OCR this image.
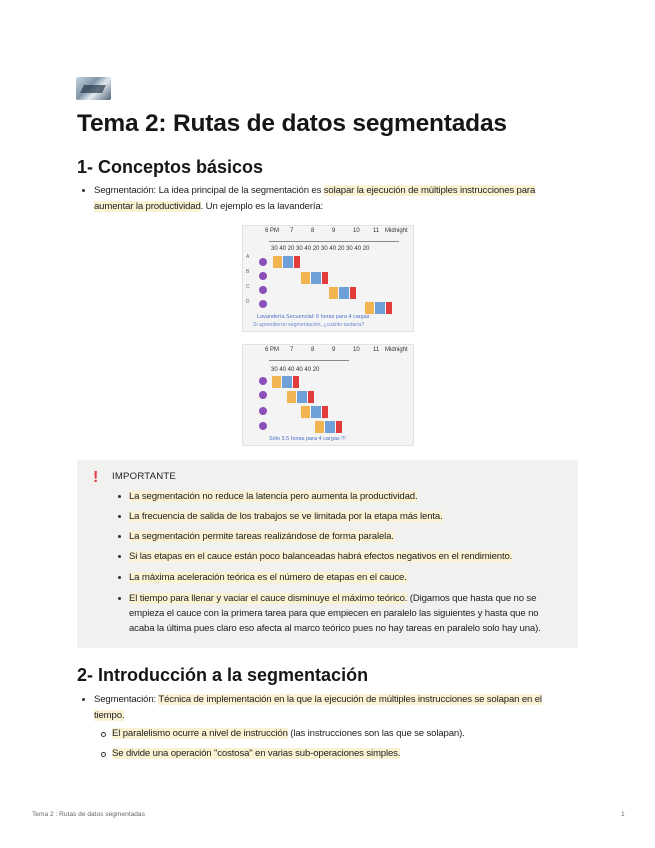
Tema 2: Rutas de datos segmentadas
1- Conceptos básicos
Segmentación: La idea principal de la segmentación es solapar la ejecución de múltiples instrucciones para
aumentar la productividad. Un ejemplo es la lavandería:
6 PM 7	8	9	10 11 Midnight
30 40 20 30 40 20 30 40 20 30 40 20
A
B
C
D
Lavandería Secuencial: 6 horas para 4 cargas
Si aprendieron segmentación, ¿cuánto tardaría?
6 PM 7	8	9	10 11 Midnight
30 40 40 40 40 20
Sólo 3.5 horas para 4 cargas !!!
! IMPORTANTE
La segmentación no reduce la latencia pero aumenta la productividad.
La frecuencia de salida de los trabajos se ve limitada por la etapa más lenta.
La segmentación permite tareas realizándose de forma paralela.
Si las etapas en el cauce están poco balanceadas habrá efectos negativos en el rendimiento.
La máxima aceleración teórica es el número de etapas en el cauce.
El tiempo para llenar y vaciar el cauce disminuye el máximo teórico. (Digamos que hasta que no se
empieza el cauce con la primera tarea para que empiecen en paralelo las siguientes y hasta que no
acaba la última pues claro eso afecta al marco teórico pues no hay tareas en paralelo solo hay una).
2- Introducción a la segmentación
Segmentación: Técnica de implementación en la que la ejecución de múltiples instrucciones se solapan en el
tiempo.
El paralelismo ocurre a nivel de instrucción (las instrucciones son las que se solapan).
Se divide una operación "costosa" en varias sub-operaciones simples.
Tema 2 : Rutas de datos segmentadas	1
